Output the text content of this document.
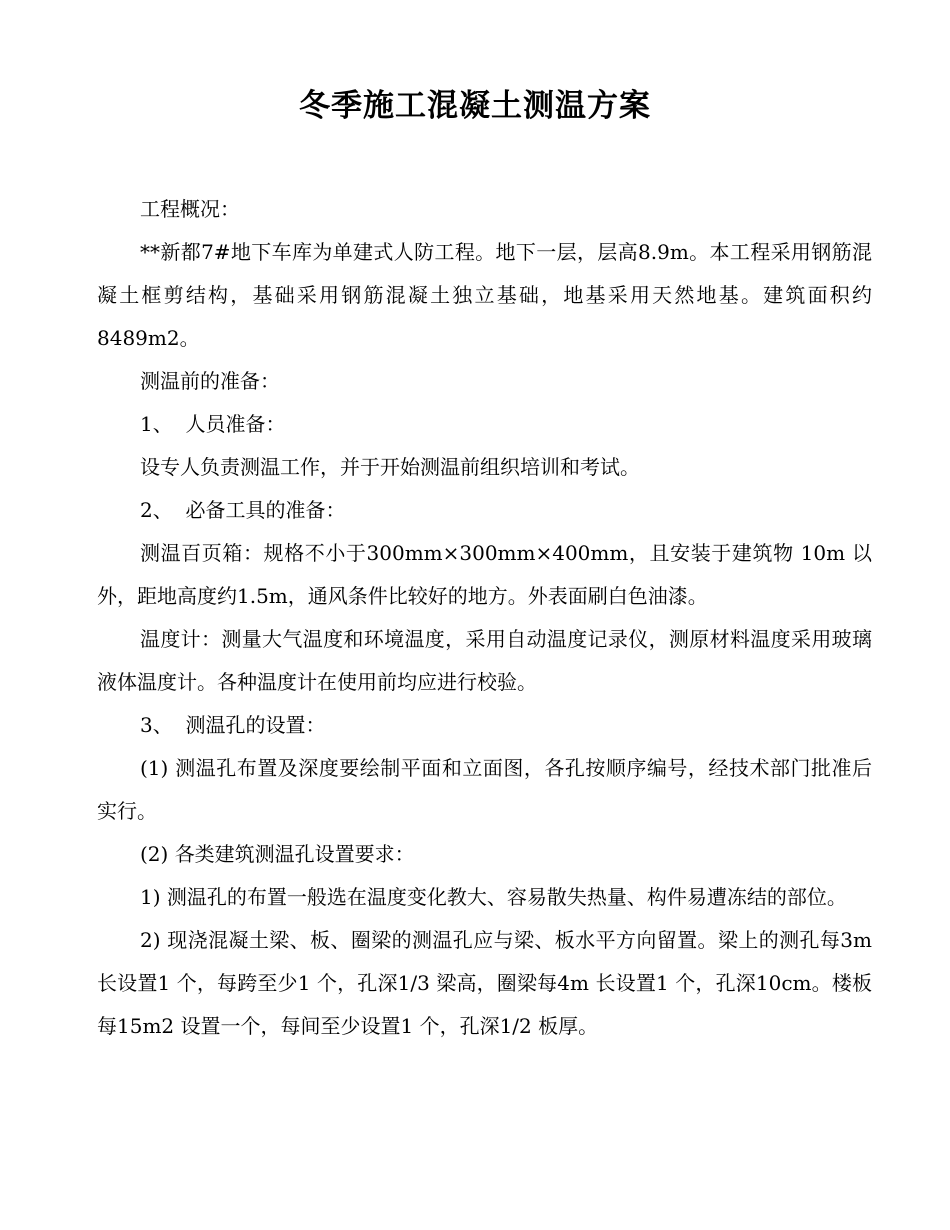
冬季施工混凝土测温方案

工程概况：

**新都7#地下车库为单建式人防工程。地下一层，层高8.9m。本工程采用钢筋混凝土框剪结构，基础采用钢筋混凝土独立基础，地基采用天然地基。建筑面积约8489m2。

测温前的准备：

1、  人员准备：

设专人负责测温工作，并于开始测温前组织培训和考试。

2、  必备工具的准备：

测温百页箱：规格不小于300mm×300mm×400mm，且安装于建筑物 10m 以外，距地高度约1.5m，通风条件比较好的地方。外表面刷白色油漆。

温度计：测量大气温度和环境温度，采用自动温度记录仪，测原材料温度采用玻璃液体温度计。各种温度计在使用前均应进行校验。

3、  测温孔的设置：

(1) 测温孔布置及深度要绘制平面和立面图，各孔按顺序编号，经技术部门批准后实行。

(2) 各类建筑测温孔设置要求：

1) 测温孔的布置一般选在温度变化教大、容易散失热量、构件易遭冻结的部位。

2) 现浇混凝土梁、板、圈梁的测温孔应与梁、板水平方向留置。梁上的测孔每3m 长设置1 个，每跨至少1 个，孔深1/3 梁高，圈梁每4m 长设置1 个，孔深10cm。楼板每15m2 设置一个，每间至少设置1 个，孔深1/2 板厚。
